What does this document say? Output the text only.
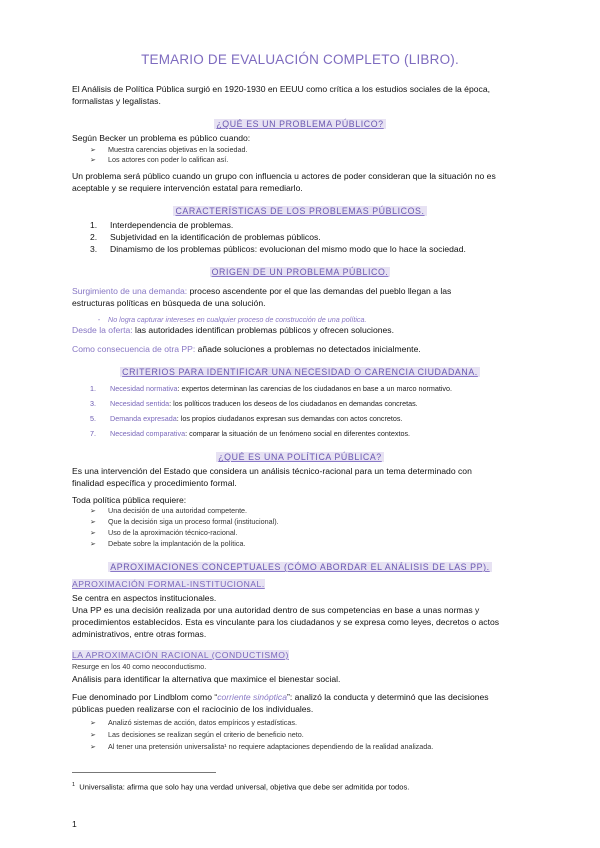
TEMARIO DE EVALUACIÓN COMPLETO (LIBRO).
El Análisis de Política Pública surgió en 1920-1930 en EEUU como crítica a los estudios sociales de la época,
formalistas y legalistas.
¿QUÉ ES UN PROBLEMA PÚBLICO?
Según Becker un problema es público cuando:
➢ Muestra carencias objetivas en la sociedad.
➢ Los actores con poder lo califican así.
Un problema será público cuando un grupo con influencia u actores de poder consideran que la situación no es
aceptable y se requiere intervención estatal para remediarlo.
CARACTERÍSTICAS DE LOS PROBLEMAS PÚBLICOS.
1. Interdependencia de problemas.
2. Subjetividad en la identificación de problemas públicos.
3. Dinamismo de los problemas públicos: evolucionan del mismo modo que lo hace la sociedad.
ORIGEN DE UN PROBLEMA PÚBLICO.
Surgimiento de una demanda: proceso ascendente por el que las demandas del pueblo llegan a las
estructuras políticas en búsqueda de una solución.
- No logra capturar intereses en cualquier proceso de construcción de una política.
Desde la oferta: las autoridades identifican problemas públicos y ofrecen soluciones.
Como consecuencia de otra PP: añade soluciones a problemas no detectados inicialmente.
CRITERIOS PARA IDENTIFICAR UNA NECESIDAD O CARENCIA CIUDADANA.
1. Necesidad normativa: expertos determinan las carencias de los ciudadanos en base a un marco normativo.
3. Necesidad sentida: los políticos traducen los deseos de los ciudadanos en demandas concretas.
5. Demanda expresada: los propios ciudadanos expresan sus demandas con actos concretos.
7. Necesidad comparativa: comparar la situación de un fenómeno social en diferentes contextos.
¿QUÉ ES UNA POLÍTICA PÚBLICA?
Es una intervención del Estado que considera un análisis técnico-racional para un tema determinado con
finalidad específica y procedimiento formal.
Toda política pública requiere:
➢ Una decisión de una autoridad competente.
➢ Que la decisión siga un proceso formal (institucional).
➢ Uso de la aproximación técnico-racional.
➢ Debate sobre la implantación de la política.
APROXIMACIONES CONCEPTUALES (CÓMO ABORDAR EL ANÁLISIS DE LAS PP).
APROXIMACIÓN FORMAL-INSTITUCIONAL.
Se centra en aspectos institucionales.
Una PP es una decisión realizada por una autoridad dentro de sus competencias en base a unas normas y
procedimientos establecidos. Esta es vinculante para los ciudadanos y se expresa como leyes, decretos o actos
administrativos, entre otras formas.
LA APROXIMACIÓN RACIONAL (CONDUCTISMO)
Resurge en los 40 como neoconductismo.
Análisis para identificar la alternativa que maximice el bienestar social.
Fue denominado por Lindblom como “corriente sinóptica”: analizó la conducta y determinó que las decisiones
públicas pueden realizarse con el raciocinio de los individuales.
➢ Analizó sistemas de acción, datos empíricos y estadísticas.
➢ Las decisiones se realizan según el criterio de beneficio neto.
➢ Al tener una pretensión universalista¹ no requiere adaptaciones dependiendo de la realidad analizada.
$^1$ Universalista: afirma que solo hay una verdad universal, objetiva que debe ser admitida por todos.
1
